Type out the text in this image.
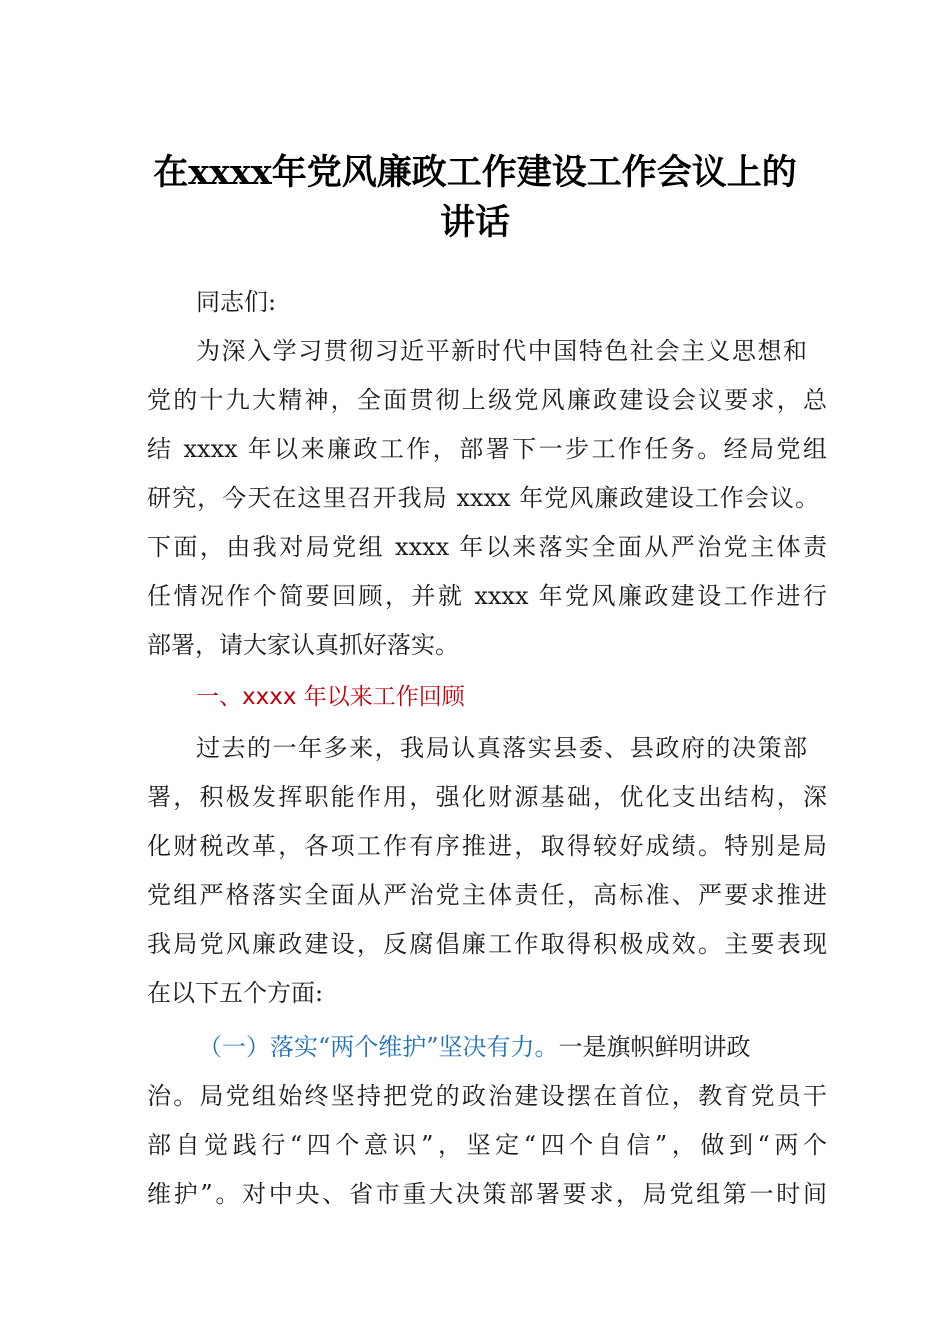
在xxxx年党风廉政工作建设工作会议上的
讲话
同志们:
为深入学习贯彻习近平新时代中国特色社会主义思想和
党的十九大精神，全面贯彻上级党风廉政建设会议要求，总
结 xxxx 年以来廉政工作，部署下一步工作任务。经局党组
研究，今天在这里召开我局 xxxx 年党风廉政建设工作会议。
下面，由我对局党组 xxxx 年以来落实全面从严治党主体责
任情况作个简要回顾，并就 xxxx 年党风廉政建设工作进行
部署，请大家认真抓好落实。
一、xxxx 年以来工作回顾
过去的一年多来，我局认真落实县委、县政府的决策部
署，积极发挥职能作用，强化财源基础，优化支出结构，深
化财税改革，各项工作有序推进，取得较好成绩。特别是局
党组严格落实全面从严治党主体责任，高标准、严要求推进
我局党风廉政建设，反腐倡廉工作取得积极成效。主要表现
在以下五个方面:
（一）落实“两个维护”坚决有力。一是旗帜鲜明讲政
治。局党组始终坚持把党的政治建设摆在首位，教育党员干
部自觉践行“四个意识”，坚定“四个自信”，做到“两个
维护”。对中央、省市重大决策部署要求，局党组第一时间
